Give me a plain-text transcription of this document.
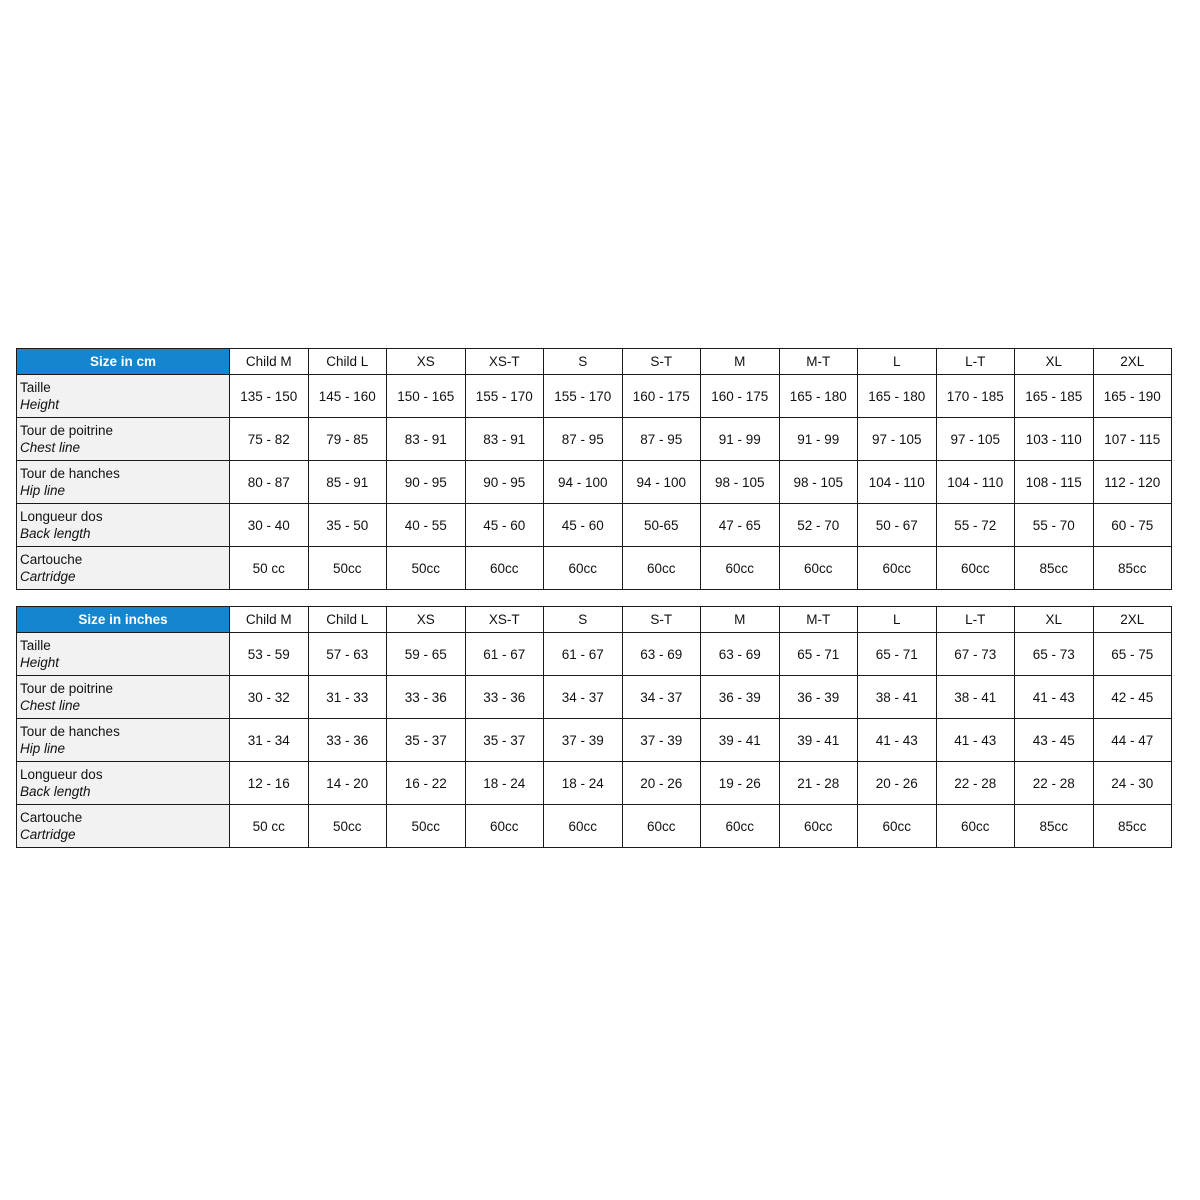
Size in cm	Child M	Child L	XS	XS-T	S	S-T	M	M-T	L	L-T	XL	2XL

Taille
Height	135 - 150	145 - 160	150 - 165	155 - 170	155 - 170	160 - 175	160 - 175	165 - 180	165 - 180	170 - 185	165 - 185	165 - 190

Tour de poitrine
Chest line	75 - 82	79 - 85	83 - 91	83 - 91	87 - 95	87 - 95	91 - 99	91 - 99	97 - 105	97 - 105	103 - 110	107 - 115

Tour de hanches
Hip line	80 - 87	85 - 91	90 - 95	90 - 95	94 - 100	94 - 100	98 - 105	98 - 105	104 - 110	104 - 110	108 - 115	112 - 120

Longueur dos
Back length	30 - 40	35 - 50	40 - 55	45 - 60	45 - 60	50-65	47 - 65	52 - 70	50 - 67	55 - 72	55 - 70	60 - 75

Cartouche
Cartridge	50 cc	50cc	50cc	60cc	60cc	60cc	60cc	60cc	60cc	60cc	85cc	85cc
Size in inches	Child M	Child L	XS	XS-T	S	S-T	M	M-T	L	L-T	XL	2XL

Taille
Height	53 - 59	57 - 63	59 - 65	61 - 67	61 - 67	63 - 69	63 - 69	65 - 71	65 - 71	67 - 73	65 - 73	65 - 75

Tour de poitrine
Chest line	30 - 32	31 - 33	33 - 36	33 - 36	34 - 37	34 - 37	36 - 39	36 - 39	38 - 41	38 - 41	41 - 43	42 - 45

Tour de hanches
Hip line	31 - 34	33 - 36	35 - 37	35 - 37	37 - 39	37 - 39	39 - 41	39 - 41	41 - 43	41 - 43	43 - 45	44 - 47

Longueur dos
Back length	12 - 16	14 - 20	16 - 22	18 - 24	18 - 24	20 - 26	19 - 26	21 - 28	20 - 26	22 - 28	22 - 28	24 - 30

Cartouche
Cartridge	50 cc	50cc	50cc	60cc	60cc	60cc	60cc	60cc	60cc	60cc	85cc	85cc
